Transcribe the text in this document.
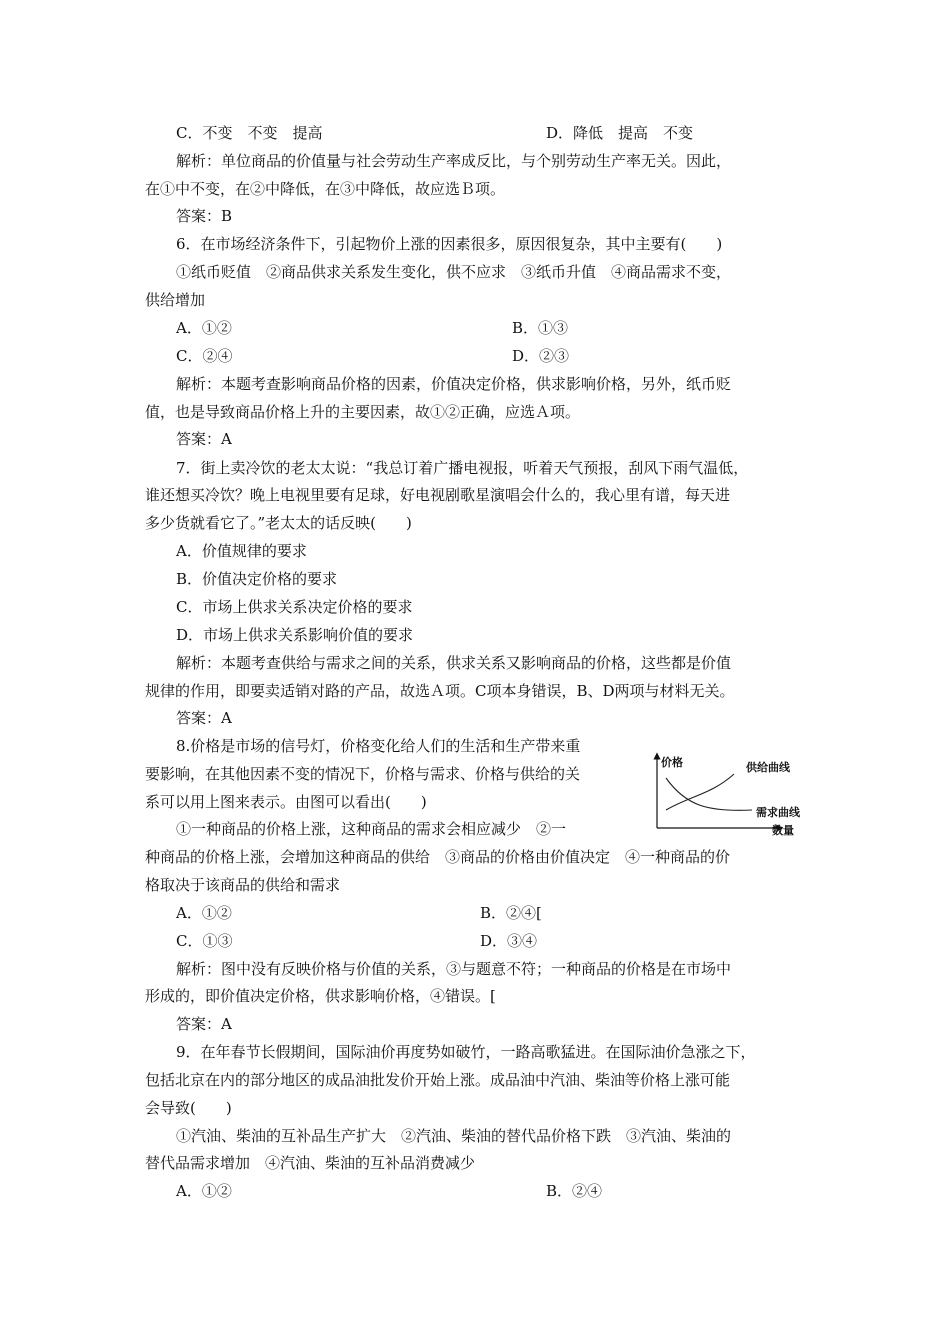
C．不变　不变　提高	D．降低　提高　不变
解析：单位商品的价值量与社会劳动生产率成反比，与个别劳动生产率无关。因此，
在①中不变，在②中降低，在③中降低，故应选Ｂ项。
答案：B
6．在市场经济条件下，引起物价上涨的因素很多，原因很复杂，其中主要有(　　)
①纸币贬值　②商品供求关系发生变化，供不应求　③纸币升值　④商品需求不变，
供给增加
A．①②	B．①③
C．②④	D．②③
解析：本题考查影响商品价格的因素，价值决定价格，供求影响价格，另外，纸币贬
值，也是导致商品价格上升的主要因素，故①②正确，应选Ａ项。
答案：A
7．街上卖冷饮的老太太说：“我总订着广播电视报，听着天气预报，刮风下雨气温低，
谁还想买冷饮？晚上电视里要有足球，好电视剧歌星演唱会什么的，我心里有谱，每天进
多少货就看它了。”老太太的话反映(　　)
A．价值规律的要求
B．价值决定价格的要求
C．市场上供求关系决定价格的要求
D．市场上供求关系影响价值的要求
解析：本题考查供给与需求之间的关系，供求关系又影响商品的价格，这些都是价值
规律的作用，即要卖适销对路的产品，故选Ａ项。C项本身错误，B、D两项与材料无关。
答案：A
8.价格是市场的信号灯，价格变化给人们的生活和生产带来重
要影响，在其他因素不变的情况下，价格与需求、价格与供给的关
系可以用上图来表示。由图可以看出(　　)
①一种商品的价格上涨，这种商品的需求会相应减少　②一
种商品的价格上涨，会增加这种商品的供给　③商品的价格由价值决定　④一种商品的价
格取决于该商品的供给和需求
A．①②	B．②④[
C．①③	D．③④
解析：图中没有反映价格与价值的关系，③与题意不符；一种商品的价格是在市场中
形成的，即价值决定价格，供求影响价格，④错误。[
答案：A
价格	供给曲线
需求曲线
数量
9．在年春节长假期间，国际油价再度势如破竹，一路高歌猛进。在国际油价急涨之下，
包括北京在内的部分地区的成品油批发价开始上涨。成品油中汽油、柴油等价格上涨可能
会导致(　　)
①汽油、柴油的互补品生产扩大　②汽油、柴油的替代品价格下跌　③汽油、柴油的
替代品需求增加　④汽油、柴油的互补品消费减少
A．①②	B．②④
